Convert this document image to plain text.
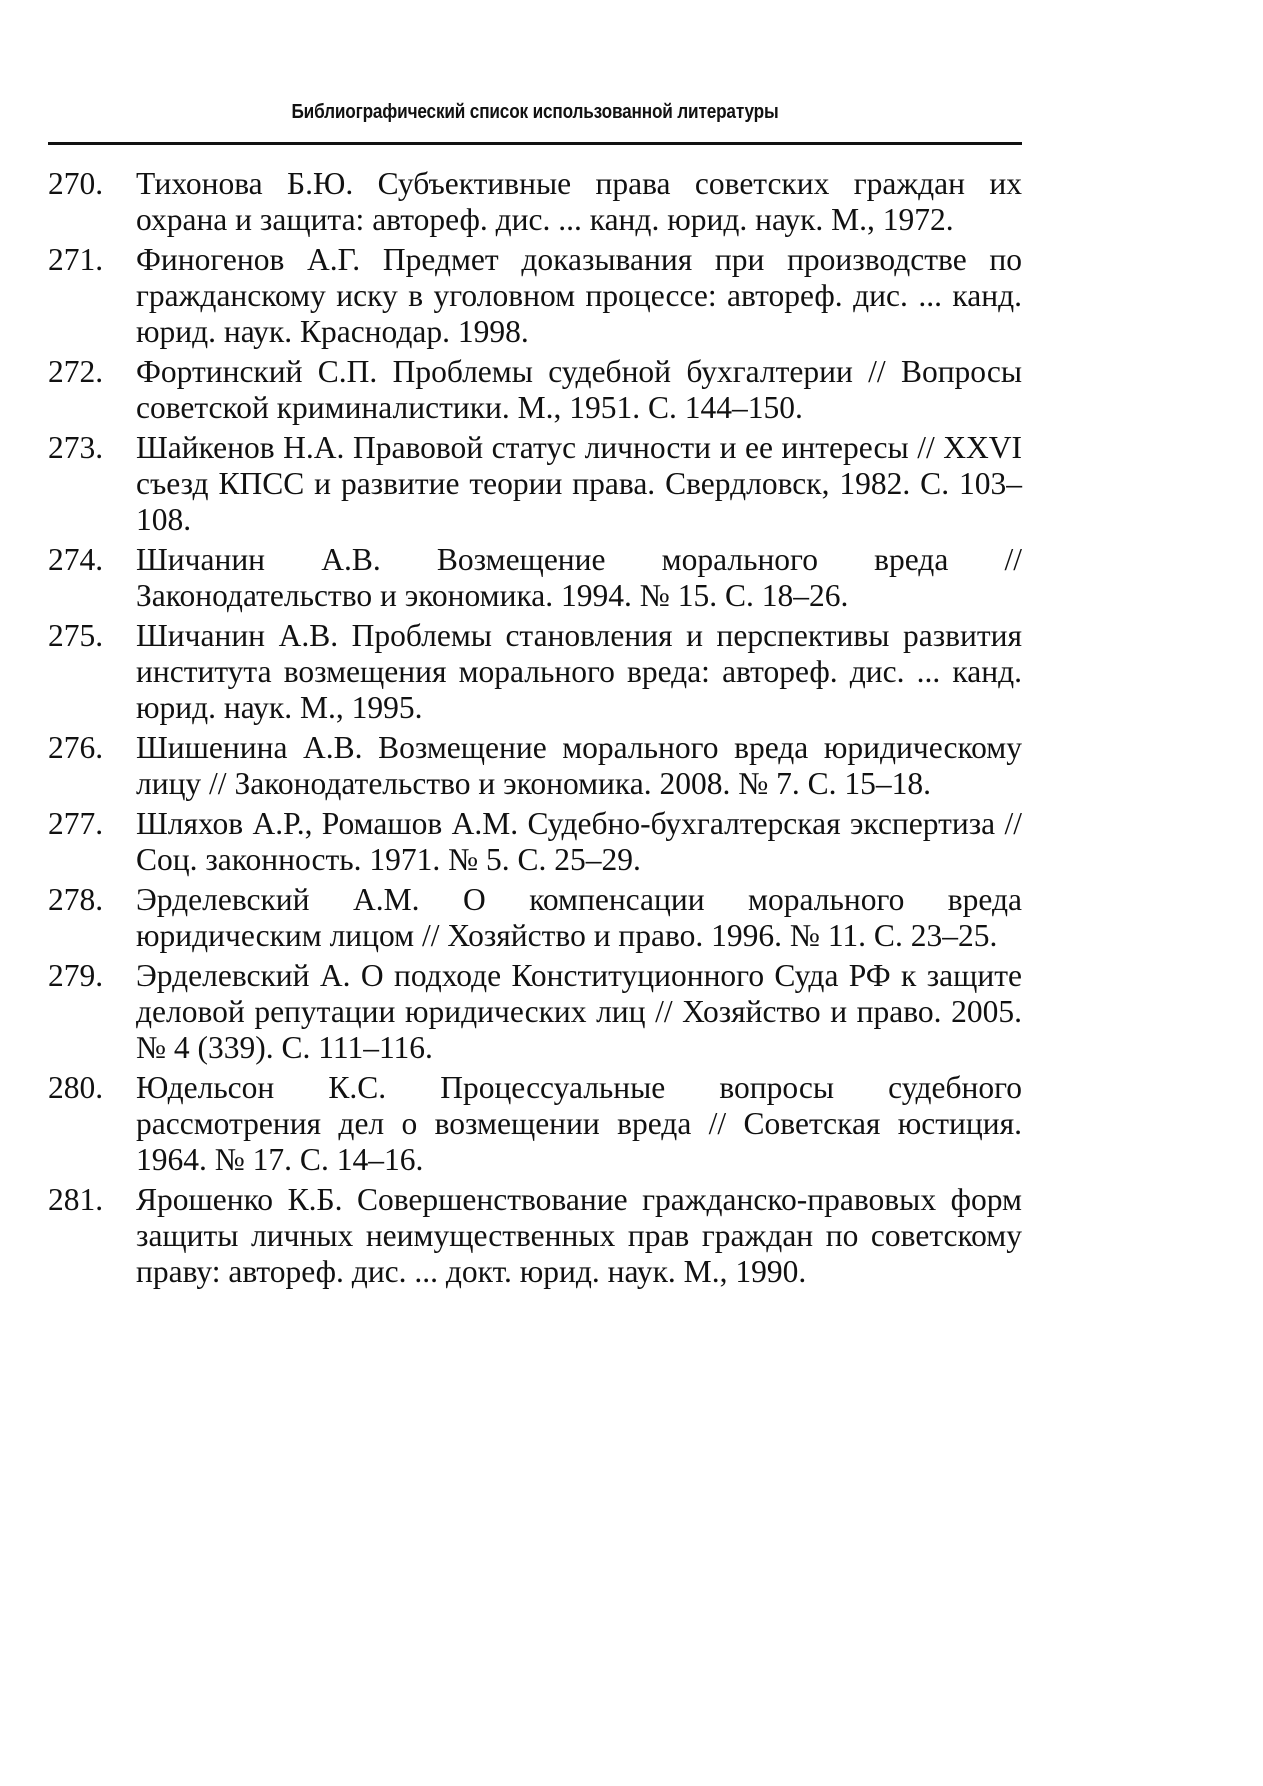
Библиографический список использованной литературы
270.	Тихонова Б.Ю. Субъективные права советских граждан их охрана и защита: автореф. дис. ... канд. юрид. наук. М., 1972.
271.	Финогенов А.Г. Предмет доказывания при производстве по гражданскому иску в уголовном процессе: автореф. дис. ... канд. юрид. наук. Краснодар. 1998.
272.	Фортинский С.П. Проблемы судебной бухгалтерии // Вопросы советской криминалистики. М., 1951. С. 144–150.
273.	Шайкенов Н.А. Правовой статус личности и ее интересы // XXVI съезд КПСС и развитие теории права. Свердловск, 1982. С. 103–108.
274.	Шичанин А.В. Возмещение морального вреда // Законодательство и экономика. 1994. № 15. С. 18–26.
275.	Шичанин А.В. Проблемы становления и перспективы развития института возмещения морального вреда: автореф. дис. ... канд. юрид. наук. М., 1995.
276.	Шишенина А.В. Возмещение морального вреда юридическому лицу // Законодательство и экономика. 2008. № 7. С. 15–18.
277.	Шляхов А.Р., Ромашов А.М. Судебно-бухгалтерская экспертиза // Соц. законность. 1971. № 5. С. 25–29.
278.	Эрделевский А.М. О компенсации морального вреда юридическим лицом // Хозяйство и право. 1996. № 11. С. 23–25.
279.	Эрделевский А. О подходе Конституционного Суда РФ к защите деловой репутации юридических лиц // Хозяйство и право. 2005. № 4 (339). С. 111–116.
280.	Юдельсон К.С. Процессуальные вопросы судебного рассмотрения дел о возмещении вреда // Советская юстиция. 1964. № 17. С. 14–16.
281.	Ярошенко К.Б. Совершенствование гражданско-правовых форм защиты личных неимущественных прав граждан по советскому праву: автореф. дис. ... докт. юрид. наук. М., 1990.
